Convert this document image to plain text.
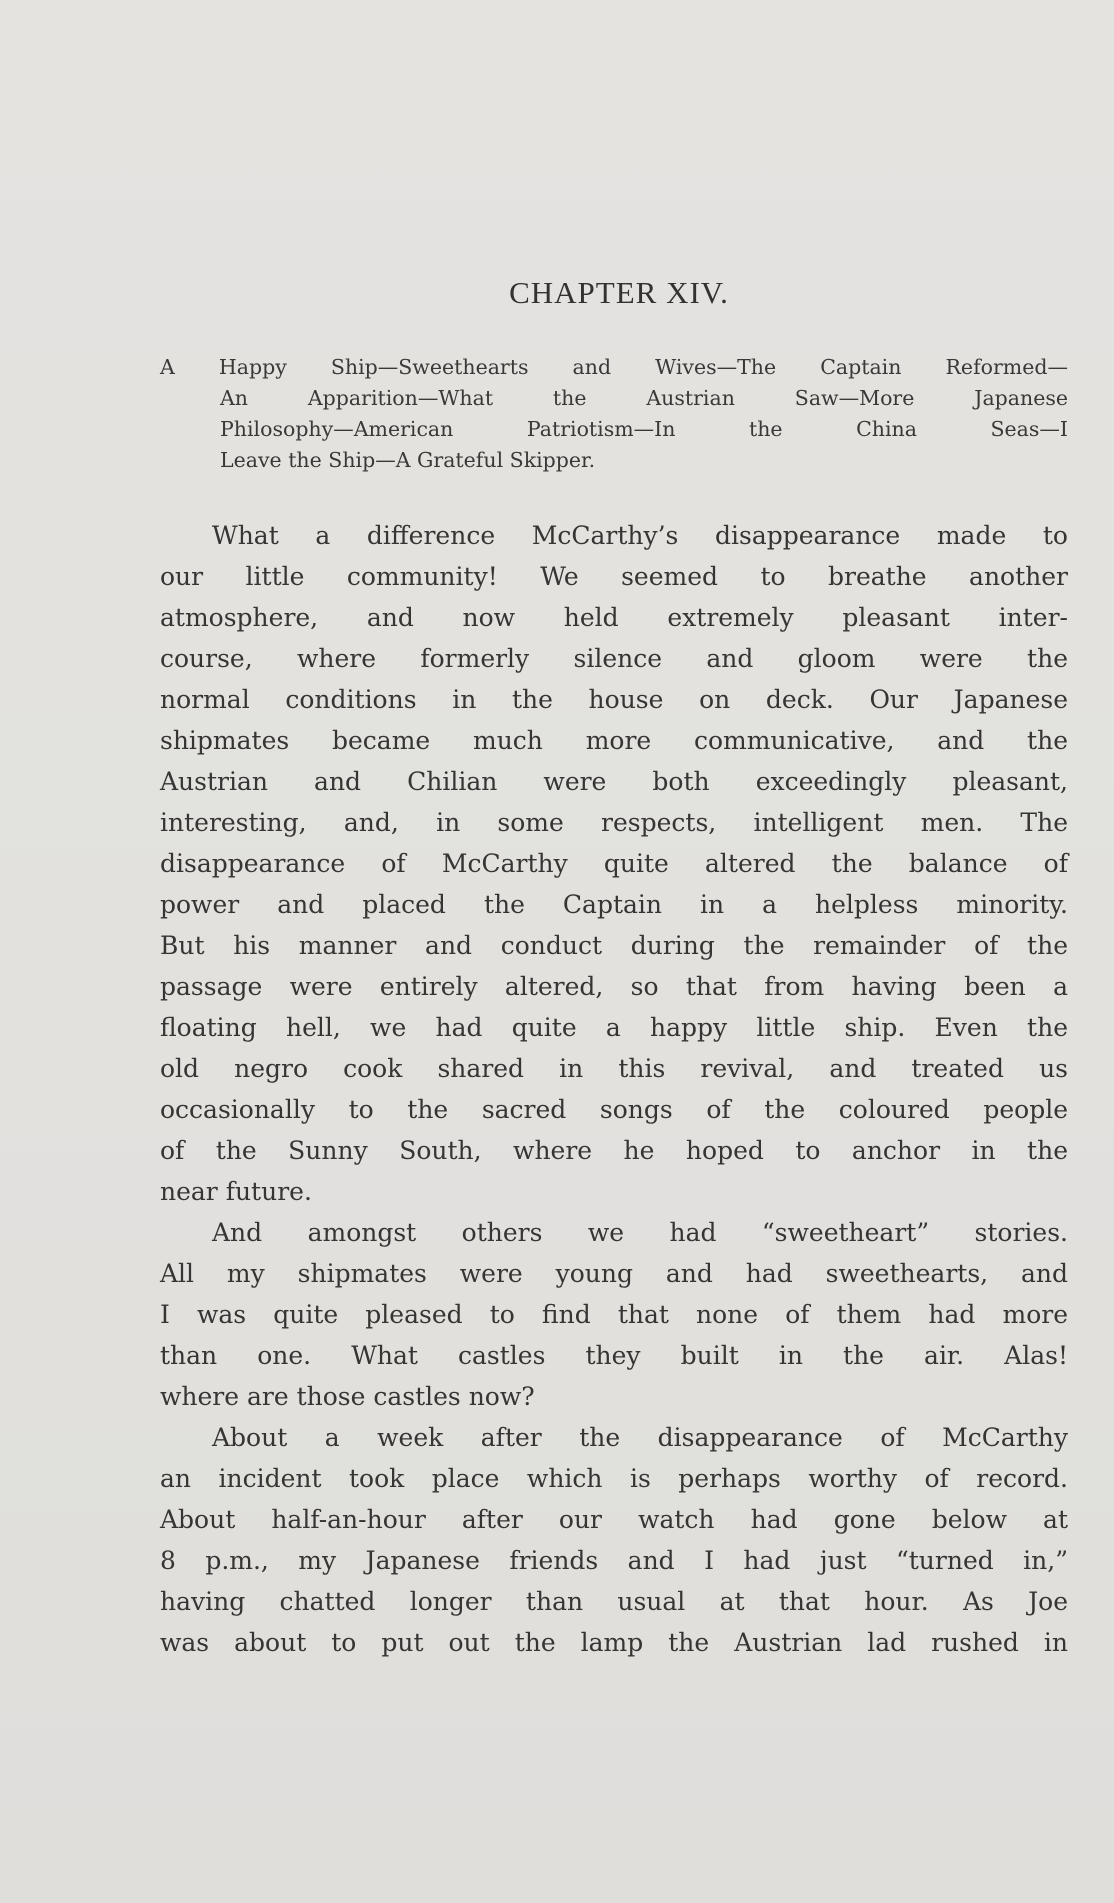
CHAPTER XIV.
A Happy Ship—Sweethearts and Wives—The Captain Reformed—
An Apparition—What the Austrian Saw—More Japanese
Philosophy—American Patriotism—In the China Seas—I
Leave the Ship—A Grateful Skipper.
What a difference McCarthy’s disappearance made to
our little community! We seemed to breathe another
atmosphere, and now held extremely pleasant inter-
course, where formerly silence and gloom were the
normal conditions in the house on deck. Our Japanese
shipmates became much more communicative, and the
Austrian and Chilian were both exceedingly pleasant,
interesting, and, in some respects, intelligent men. The
disappearance of McCarthy quite altered the balance of
power and placed the Captain in a helpless minority.
But his manner and conduct during the remainder of the
passage were entirely altered, so that from having been a
floating hell, we had quite a happy little ship. Even the
old negro cook shared in this revival, and treated us
occasionally to the sacred songs of the coloured people
of the Sunny South, where he hoped to anchor in the
near future.
And amongst others we had “sweetheart” stories.
All my shipmates were young and had sweethearts, and
I was quite pleased to find that none of them had more
than one. What castles they built in the air. Alas!
where are those castles now?
About a week after the disappearance of McCarthy
an incident took place which is perhaps worthy of record.
About half-an-hour after our watch had gone below at
8 p.m., my Japanese friends and I had just “turned in,”
having chatted longer than usual at that hour. As Joe
was about to put out the lamp the Austrian lad rushed in
